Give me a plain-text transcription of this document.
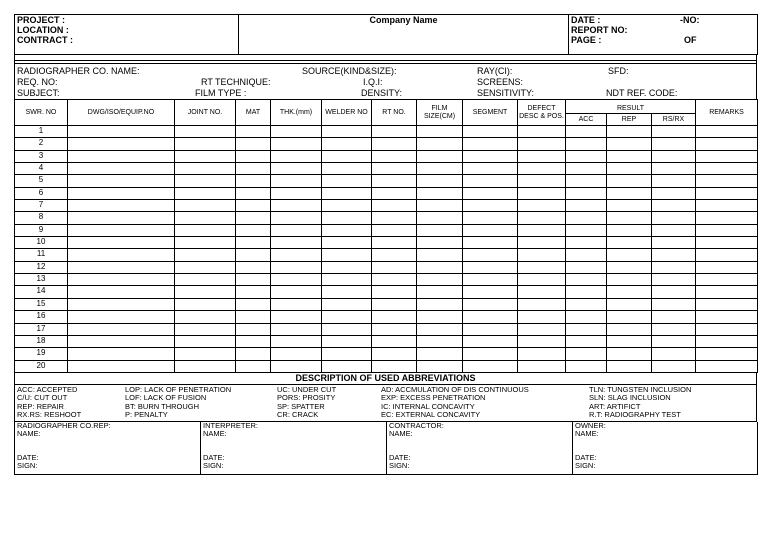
PROJECT :
LOCATION :
CONTRACT :
	Company Name	DATE :	-NO:
REPORT NO:
PAGE :	OF
RADIOGRAPHER CO. NAME:	SOURCE(KIND&SIZE):	RAY(CI):	SFD:
REQ. NO:	RT TECHNIQUE:	I.Q.I:	SCREENS:
SUBJECT:	FILM TYPE :	DENSITY:	SENSITIVITY:	NDT REF. CODE:
SWR. NO	DWG/ISO/EQUIP.NO	JOINT NO.	MAT	THK.(mm)	WELDER NO	RT NO.	FILM SIZE(CM)	SEGMENT	DEFECT DESC & POS.	RESULT			REMARKS
										ACC	REP	RS/RX	
1													
2													
3													
4													
5													
6													
7													
8													
9													
10													
11													
12													
13													
14													
15													
16													
17													
18													
19													
20													
DESCRIPTION OF USED ABBREVIATIONS
ACC: ACCEPTED
C/U: CUT OUT
REP: REPAIR
RX.RS: RESHOOT
LOP: LACK OF PENETRATION
LOF: LACK OF FUSION
BT: BURN THROUGH
P: PENALTY
UC: UNDER CUT
PORS: PROSITY
SP: SPATTER
CR: CRACK
AD: ACCMULATION OF DIS CONTINUOUS
EXP: EXCESS PENETRATION
IC: INTERNAL CONCAVITY
EC: EXTERNAL CONCAVITY
TLN: TUNGSTEN INCLUSION
SLN: SLAG INCLUSION
ART: ARTIFICT
R.T: RADIOGRAPHY TEST
RADIOGRAPHER CO.REP:
NAME:
DATE:
SIGN:

INTERPRETER:
NAME:
DATE:
SIGN:

CONTRACTOR:
NAME:
DATE:
SIGN:

OWNER:
NAME:
DATE:
SIGN:
